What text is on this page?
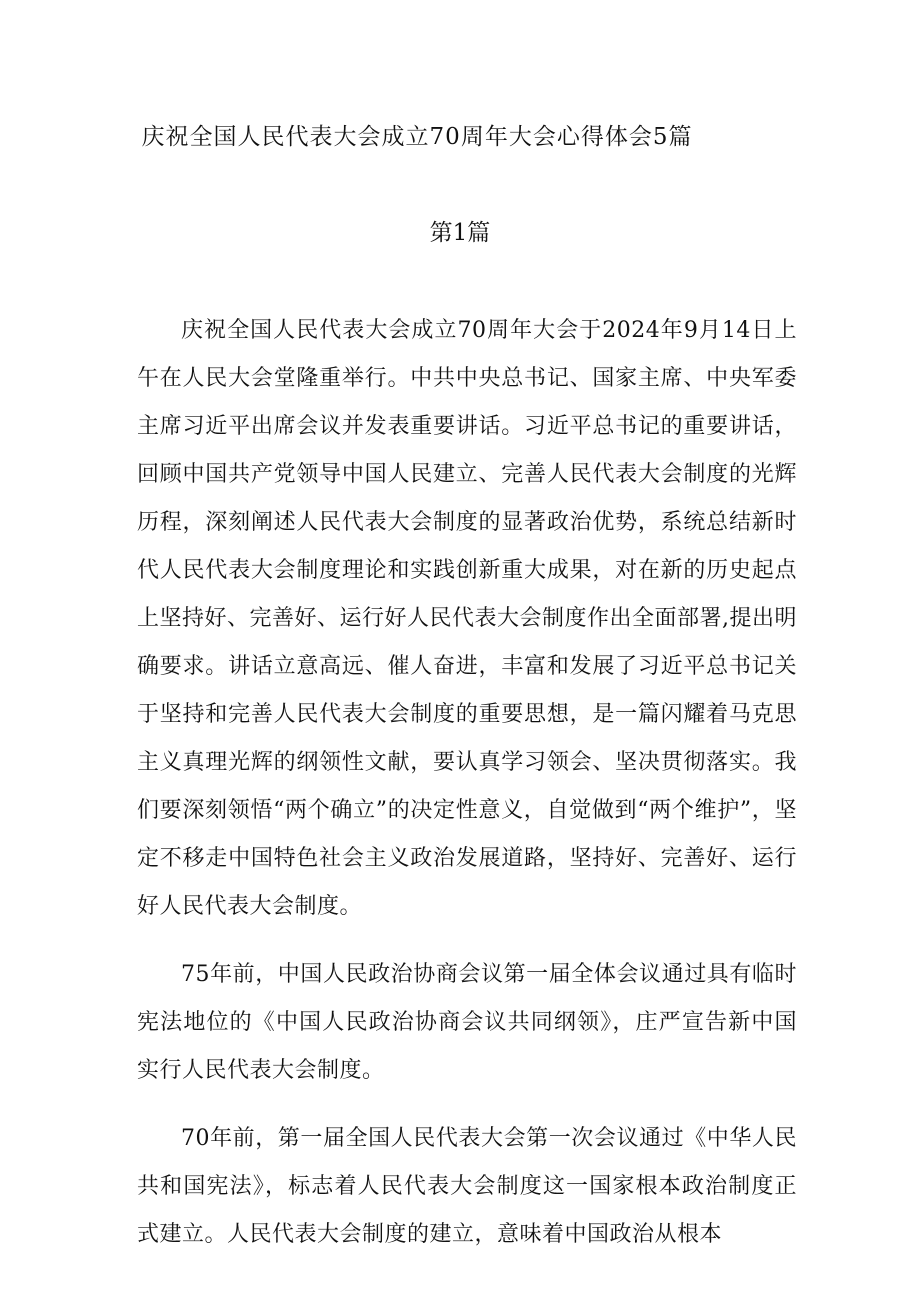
庆祝全国人民代表大会成立70周年大会心得体会5篇
第1篇

庆祝全国人民代表大会成立70周年大会于2024年9月14日上午在人民大会堂隆重举行。中共中央总书记、国家主席、中央军委主席习近平出席会议并发表重要讲话。习近平总书记的重要讲话，回顾中国共产党领导中国人民建立、完善人民代表大会制度的光辉历程，深刻阐述人民代表大会制度的显著政治优势，系统总结新时代人民代表大会制度理论和实践创新重大成果，对在新的历史起点上坚持好、完善好、运行好人民代表大会制度作出全面部署,提出明确要求。讲话立意高远、催人奋进，丰富和发展了习近平总书记关于坚持和完善人民代表大会制度的重要思想，是一篇闪耀着马克思主义真理光辉的纲领性文献，要认真学习领会、坚决贯彻落实。我们要深刻领悟“两个确立”的决定性意义，自觉做到“两个维护”，坚定不移走中国特色社会主义政治发展道路，坚持好、完善好、运行好人民代表大会制度。

75年前，中国人民政治协商会议第一届全体会议通过具有临时宪法地位的《中国人民政治协商会议共同纲领》，庄严宣告新中国实行人民代表大会制度。

70年前，第一届全国人民代表大会第一次会议通过《中华人民共和国宪法》，标志着人民代表大会制度这一国家根本政治制度正式建立。人民代表大会制度的建立，意味着中国政治从根本
